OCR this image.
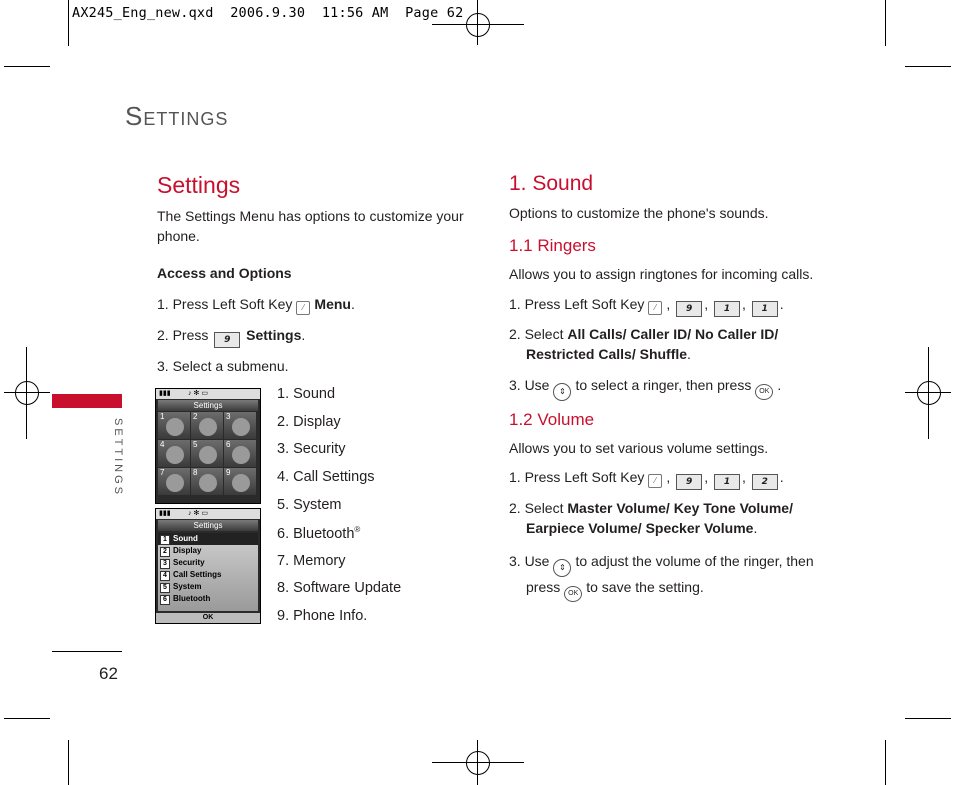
AX245_Eng_new.qxd  2006.9.30  11:56 AM  Page 62
Settings
SETTINGS
Settings
The Settings Menu has options to customize your
phone.
Access and Options
1. Press Left Soft Key ⁄ Menu.
2. Press 9 Settings.
3. Select a submenu.
▮▮▮         ♪ ✻ ▭
Settings
1	2	3
4	5	6
7	8	9
▮▮▮         ♪ ✻ ▭
Settings
1 Sound
2 Display
3 Security
4 Call Settings
5 System
6 Bluetooth
OK
1. Sound
2. Display
3. Security
4. Call Settings
5. System
6. Bluetooth®
7. Memory
8. Software Update
9. Phone Info.
1. Sound
Options to customize the phone's sounds.
1.1 Ringers
Allows you to assign ringtones for incoming calls.
1. Press Left Soft Key ⁄ , 9 , 1 , 1 .
2. Select All Calls/ Caller ID/ No Caller ID/
Restricted Calls/ Shuffle.
3. Use ⇕ to select a ringer, then press OK .
1.2 Volume
Allows you to set various volume settings.
1. Press Left Soft Key ⁄ , 9 , 1 , 2 .
2. Select Master Volume/ Key Tone Volume/
Earpiece Volume/ Specker Volume.
3. Use ⇕ to adjust the volume of the ringer, then
press OK to save the setting.
62
